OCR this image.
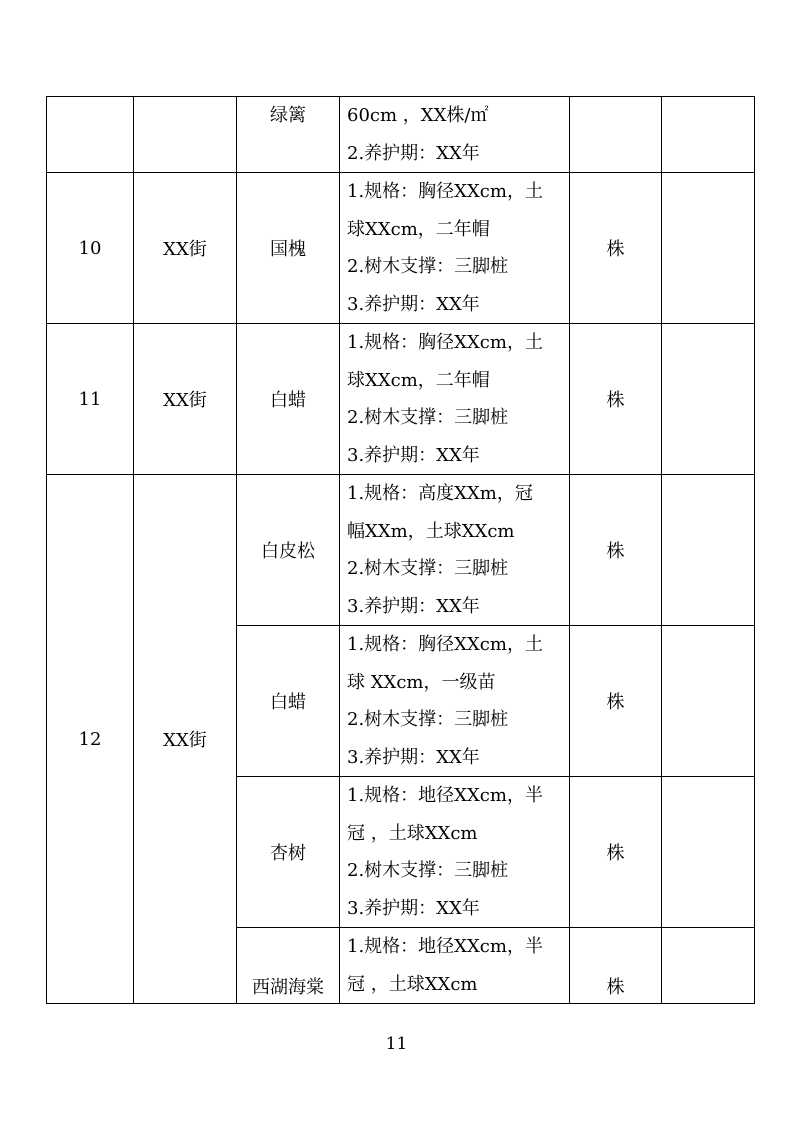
		绿篱	60cm ，XX株/㎡
2.养护期：XX年		

10	XX街	国槐	1.规格：胸径XXcm，土
球XXcm，二年帽
2.树木支撑：三脚桩
3.养护期：XX年	株	
11	XX街	白蜡	1.规格：胸径XXcm，土
球XXcm，二年帽
2.树木支撑：三脚桩
3.养护期：XX年	株	
12	XX街	白皮松	1.规格：高度XXm，冠
幅XXm，土球XXcm
2.树木支撑：三脚桩
3.养护期：XX年	株	
		白蜡	1.规格：胸径XXcm，土
球 XXcm，一级苗
2.树木支撑：三脚桩
3.养护期：XX年	株	
		杏树	1.规格：地径XXcm，半
冠 ，土球XXcm
2.树木支撑：三脚桩
3.养护期：XX年	株	
		西湖海棠	1.规格：地径XXcm，半
冠 ，土球XXcm	株	
11
